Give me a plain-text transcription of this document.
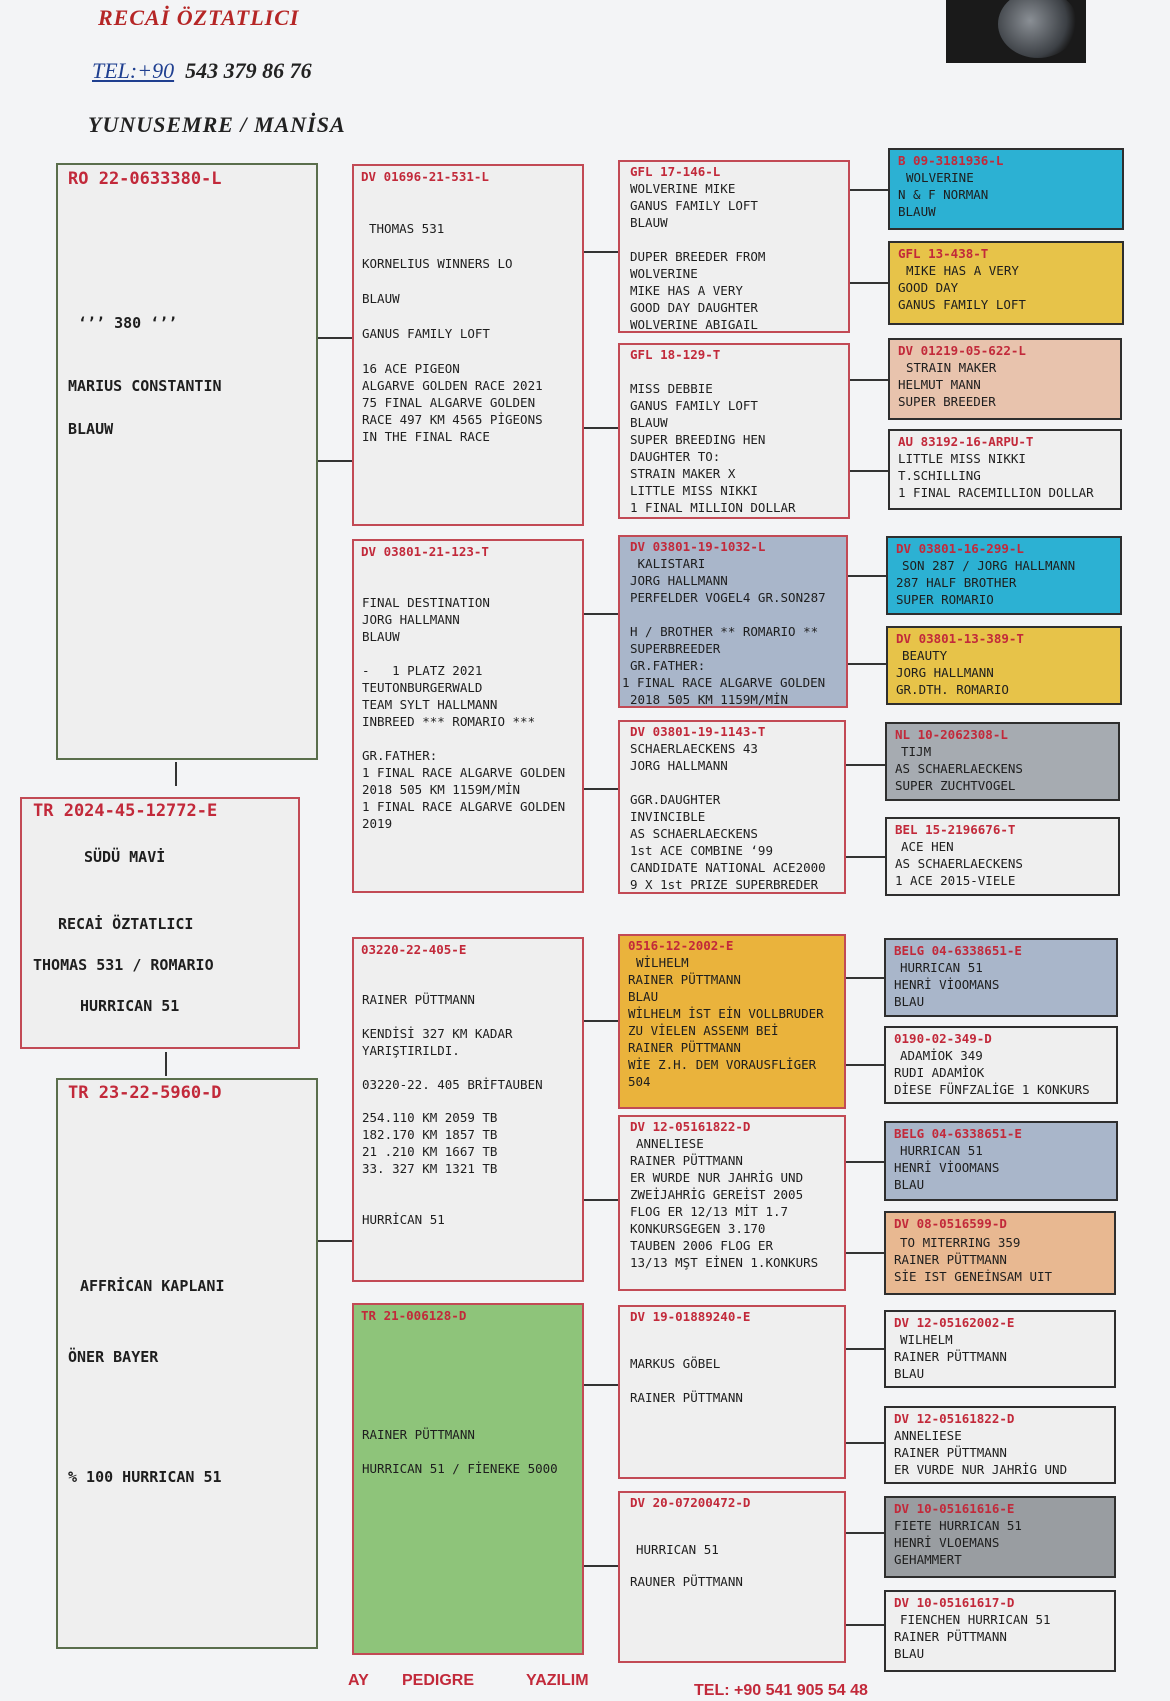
RECAİ ÖZTATLICI
TEL:+90 543 379 86 76
YUNUSEMRE / MANİSA
RO 22-0633380-L
‘’’ 380 ‘’’
MARIUS CONSTANTIN
BLAUW
TR 2024-45-12772-E
SÜDÜ MAVİ
RECAİ ÖZTATLICI
THOMAS 531 / ROMARIO
HURRICAN 51
TR 23-22-5960-D
AFFRİCAN KAPLANI
ÖNER BAYER
% 100 HURRICAN 51
DV 01696-21-531-L
THOMAS 531
KORNELIUS WINNERS LO
BLAUW
GANUS FAMILY LOFT
16 ACE PIGEON
ALGARVE GOLDEN RACE 2021
75 FINAL ALGARVE GOLDEN
RACE 497 KM 4565 PİGEONS
IN THE FINAL RACE
DV 03801-21-123-T
FINAL DESTINATION
JORG HALLMANN
BLAUW
-   1 PLATZ 2021
TEUTONBURGERWALD
TEAM SYLT HALLMANN
INBREED *** ROMARIO ***
GR.FATHER:
1 FINAL RACE ALGARVE GOLDEN
2018 505 KM 1159M/MİN
1 FINAL RACE ALGARVE GOLDEN
2019
03220-22-405-E
RAINER PÜTTMANN
KENDİSİ 327 KM KADAR
YARIŞTIRILDI.
03220-22. 405 BRİFTAUBEN
254.110 KM 2059 TB
182.170 KM 1857 TB
21 .210 KM 1667 TB
33. 327 KM 1321 TB
HURRİCAN 51
TR 21-006128-D
RAINER PÜTTMANN
HURRICAN 51 / FİENEKE 5000
GFL 17-146-L
WOLVERINE MIKE
GANUS FAMILY LOFT
BLAUW
DUPER BREEDER FROM
WOLVERINE
MIKE HAS A VERY
GOOD DAY DAUGHTER
WOLVERINE ABIGAIL
GFL 18-129-T
MISS DEBBIE
GANUS FAMILY LOFT
BLAUW
SUPER BREEDING HEN
DAUGHTER TO:
STRAIN MAKER X
LITTLE MISS NIKKI
1 FINAL MILLION DOLLAR
DV 03801-19-1032-L
KALISTARI
JORG HALLMANN
PERFELDER VOGEL4 GR.SON287
H / BROTHER ** ROMARIO **
SUPERBREEDER
GR.FATHER:
1 FINAL RACE ALGARVE GOLDEN
2018 505 KM 1159M/MİN
DV 03801-19-1143-T
SCHAERLAECKENS 43
JORG HALLMANN
GGR.DAUGHTER
INVINCIBLE
AS SCHAERLAECKENS
1st ACE COMBINE ‘99
CANDIDATE NATIONAL ACE2000
9 X 1st PRIZE SUPERBREDER
0516-12-2002-E
WİLHELM
RAINER PÜTTMANN
BLAU
WİLHELM İST EİN VOLLBRUDER
ZU VİELEN ASSENM BEİ
RAINER PÜTTMANN
WİE Z.H. DEM VORAUSFLİGER
504
DV 12-05161822-D
ANNELIESE
RAINER PÜTTMANN
ER WURDE NUR JAHRİG UND
ZWEİJAHRİG GEREİST 2005
FLOG ER 12/13 MİT 1.7
KONKURSGEGEN 3.170
TAUBEN 2006 FLOG ER
13/13 MŞT EİNEN 1.KONKURS
DV 19-01889240-E
MARKUS GÖBEL
RAINER PÜTTMANN
DV 20-07200472-D
HURRICAN 51
RAUNER PÜTTMANN
B 09-3181936-L
WOLVERINE
N & F NORMAN
BLAUW
GFL 13-438-T
MIKE HAS A VERY
GOOD DAY
GANUS FAMILY LOFT
DV 01219-05-622-L
STRAIN MAKER
HELMUT MANN
SUPER BREEDER
AU 83192-16-ARPU-T
LITTLE MISS NIKKI
T.SCHILLING
1 FINAL RACEMILLION DOLLAR
DV 03801-16-299-L
SON 287 / JORG HALLMANN
287 HALF BROTHER
SUPER ROMARIO
DV 03801-13-389-T
BEAUTY
JORG HALLMANN
GR.DTH. ROMARIO
NL 10-2062308-L
TIJM
AS SCHAERLAECKENS
SUPER ZUCHTVOGEL
BEL 15-2196676-T
ACE HEN
AS SCHAERLAECKENS
1 ACE 2015-VIELE
BELG 04-6338651-E
HURRICAN 51
HENRİ VİOOMANS
BLAU
0190-02-349-D
ADAMİOK 349
RUDI ADAMİOK
DİESE FÜNFZALİGE 1 KONKURS
BELG 04-6338651-E
HURRICAN 51
HENRİ VİOOMANS
BLAU
DV 08-0516599-D
TO MITERRING 359
RAINER PÜTTMANN
SİE IST GENEİNSAM UIT
DV 12-05162002-E
WILHELM
RAINER PÜTTMANN
BLAU
DV 12-05161822-D
ANNELIESE
RAINER PÜTTMANN
ER VURDE NUR JAHRİG UND
DV 10-05161616-E
FIETE HURRICAN 51
HENRİ VLOEMANS
GEHAMMERT
DV 10-05161617-D
FIENCHEN HURRICAN 51
RAINER PÜTTMANN
BLAU
AY PEDIGRE	YAZILIM
TEL: +90 541 905 54 48
